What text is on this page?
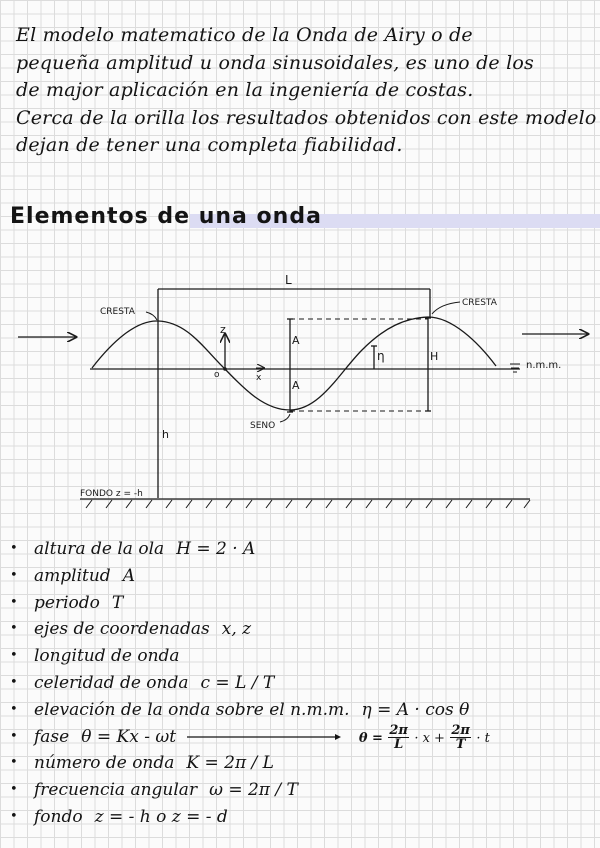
El modelo matematico de la Onda de Airy o de
pequeña amplitud u onda sinusoidales, es uno de los
de major aplicación en la ingeniería de costas.
Cerca de la orilla los resultados obtenidos con este modelo
dejan de tener una completa fiabilidad.
Elementos de una onda
L
CRESTA
CRESTA
SENO
z
x
o
A
A
η	H
n.m.m.
h
FONDO z = -h
• altura de la ola H = 2 · A
• amplitud A
• periodo T
• ejes de coordenadas x, z
• longitud de onda
• celeridad de onda c = L / T
• elevación de la onda sobre el n.m.m. η = A · cos θ
• fase θ = Kx - ωt	$\theta = \frac{2\pi}{L} \cdot x + \frac{2\pi}{T} \cdot t$
• número de onda K = 2π / L
• frecuencia angular ω = 2π / T
• fondo z = - h o z = - d
